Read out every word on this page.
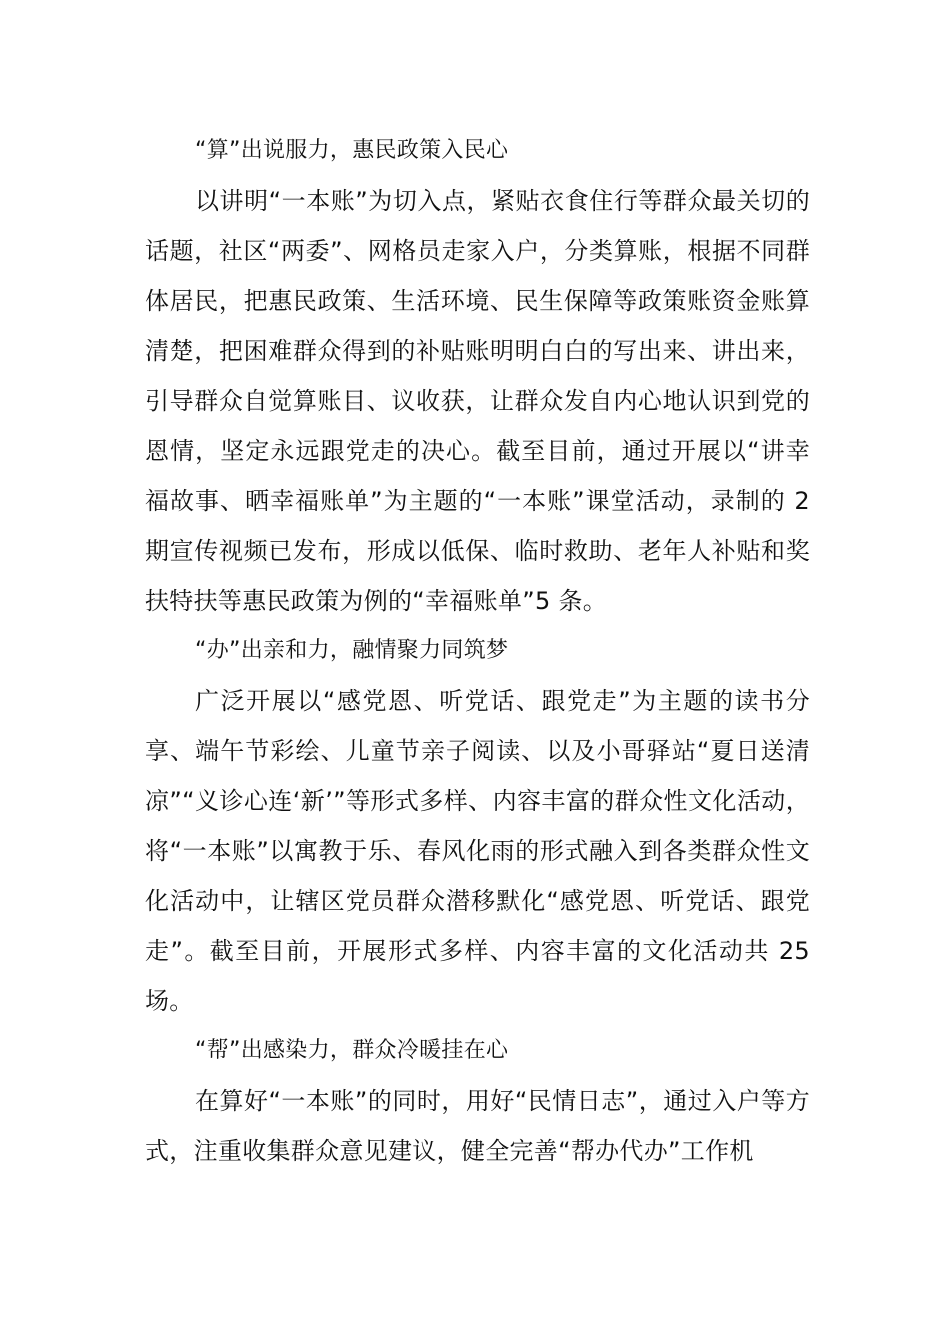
“算”出说服力，惠民政策入民心

以讲明“一本账”为切入点，紧贴衣食住行等群众最关切的话题，社区“两委”、网格员走家入户，分类算账，根据不同群体居民，把惠民政策、生活环境、民生保障等政策账资金账算清楚，把困难群众得到的补贴账明明白白的写出来、讲出来，引导群众自觉算账目、议收获，让群众发自内心地认识到党的恩情，坚定永远跟党走的决心。截至目前，通过开展以“讲幸福故事、晒幸福账单”为主题的“一本账”课堂活动，录制的 2 期宣传视频已发布，形成以低保、临时救助、老年人补贴和奖扶特扶等惠民政策为例的“幸福账单”5 条。

“办”出亲和力，融情聚力同筑梦

广泛开展以“感党恩、听党话、跟党走”为主题的读书分享、端午节彩绘、儿童节亲子阅读、以及小哥驿站“夏日送清凉”“义诊心连‘新’”等形式多样、内容丰富的群众性文化活动，将“一本账”以寓教于乐、春风化雨的形式融入到各类群众性文化活动中，让辖区党员群众潜移默化“感党恩、听党话、跟党走”。截至目前，开展形式多样、内容丰富的文化活动共 25 场。

“帮”出感染力，群众冷暖挂在心

在算好“一本账”的同时，用好“民情日志”，通过入户等方式，注重收集群众意见建议，健全完善“帮办代办”工作机
